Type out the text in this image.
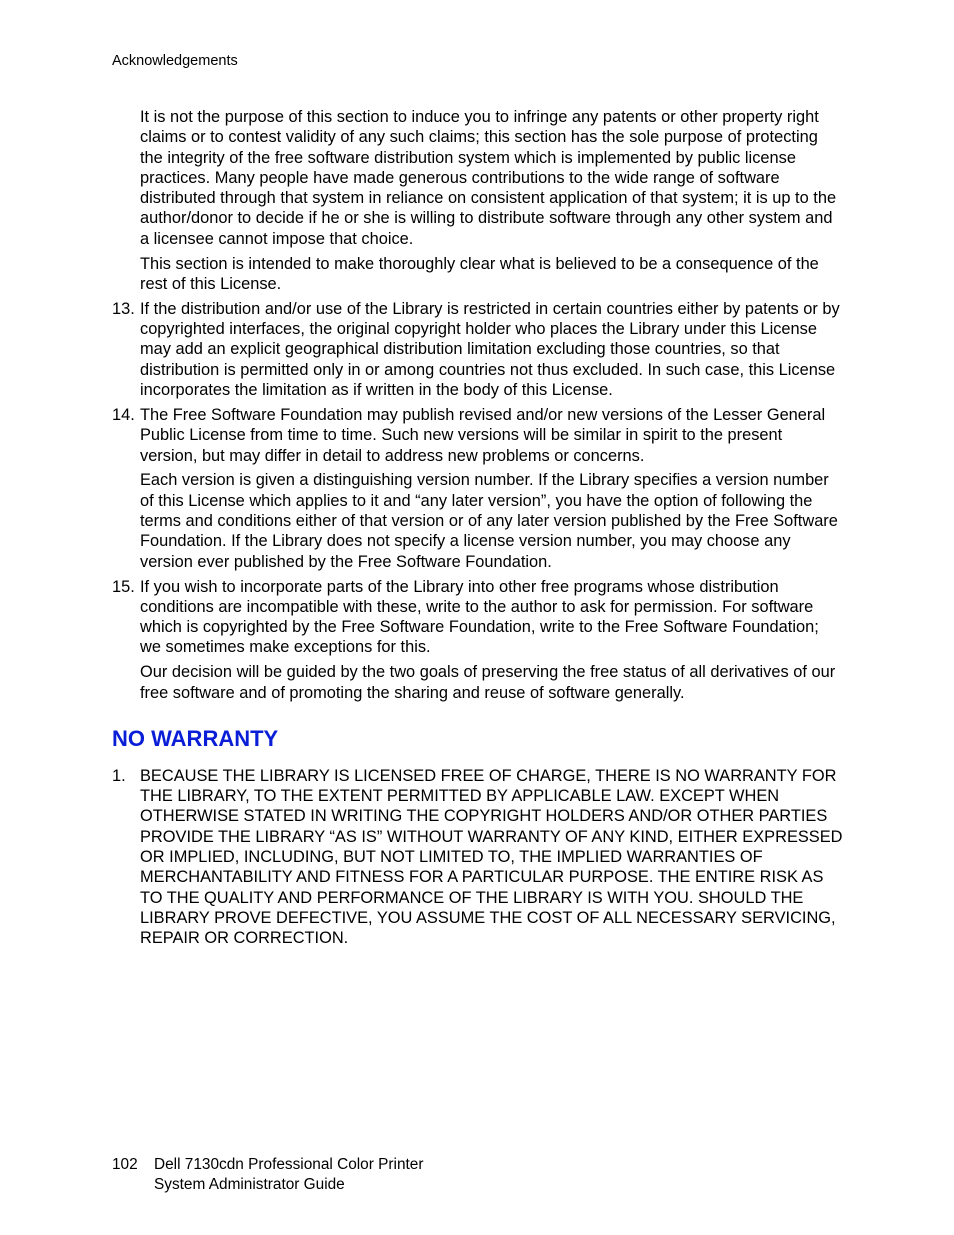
Acknowledgements

It is not the purpose of this section to induce you to infringe any patents or other property right claims or to contest validity of any such claims; this section has the sole purpose of protecting the integrity of the free software distribution system which is implemented by public license practices. Many people have made generous contributions to the wide range of software distributed through that system in reliance on consistent application of that system; it is up to the author/donor to decide if he or she is willing to distribute software through any other system and a licensee cannot impose that choice.

This section is intended to make thoroughly clear what is believed to be a consequence of the rest of this License.

13. If the distribution and/or use of the Library is restricted in certain countries either by patents or by copyrighted interfaces, the original copyright holder who places the Library under this License may add an explicit geographical distribution limitation excluding those countries, so that distribution is permitted only in or among countries not thus excluded. In such case, this License incorporates the limitation as if written in the body of this License.
14. The Free Software Foundation may publish revised and/or new versions of the Lesser General Public License from time to time. Such new versions will be similar in spirit to the present version, but may differ in detail to address new problems or concerns.

Each version is given a distinguishing version number. If the Library specifies a version number of this License which applies to it and “any later version”, you have the option of following the terms and conditions either of that version or of any later version published by the Free Software Foundation. If the Library does not specify a license version number, you may choose any version ever published by the Free Software Foundation.

15. If you wish to incorporate parts of the Library into other free programs whose distribution conditions are incompatible with these, write to the author to ask for permission. For software which is copyrighted by the Free Software Foundation, write to the Free Software Foundation; we sometimes make exceptions for this.

Our decision will be guided by the two goals of preserving the free status of all derivatives of our free software and of promoting the sharing and reuse of software generally.

NO WARRANTY
1. BECAUSE THE LIBRARY IS LICENSED FREE OF CHARGE, THERE IS NO WARRANTY FOR THE LIBRARY, TO THE EXTENT PERMITTED BY APPLICABLE LAW. EXCEPT WHEN OTHERWISE STATED IN WRITING THE COPYRIGHT HOLDERS AND/OR OTHER PARTIES PROVIDE THE LIBRARY “AS IS” WITHOUT WARRANTY OF ANY KIND, EITHER EXPRESSED OR IMPLIED, INCLUDING, BUT NOT LIMITED TO, THE IMPLIED WARRANTIES OF MERCHANTABILITY AND FITNESS FOR A PARTICULAR PURPOSE. THE ENTIRE RISK AS TO THE QUALITY AND PERFORMANCE OF THE LIBRARY IS WITH YOU. SHOULD THE LIBRARY PROVE DEFECTIVE, YOU ASSUME THE COST OF ALL NECESSARY SERVICING, REPAIR OR CORRECTION.
102	Dell 7130cdn Professional Color Printer
System Administrator Guide
